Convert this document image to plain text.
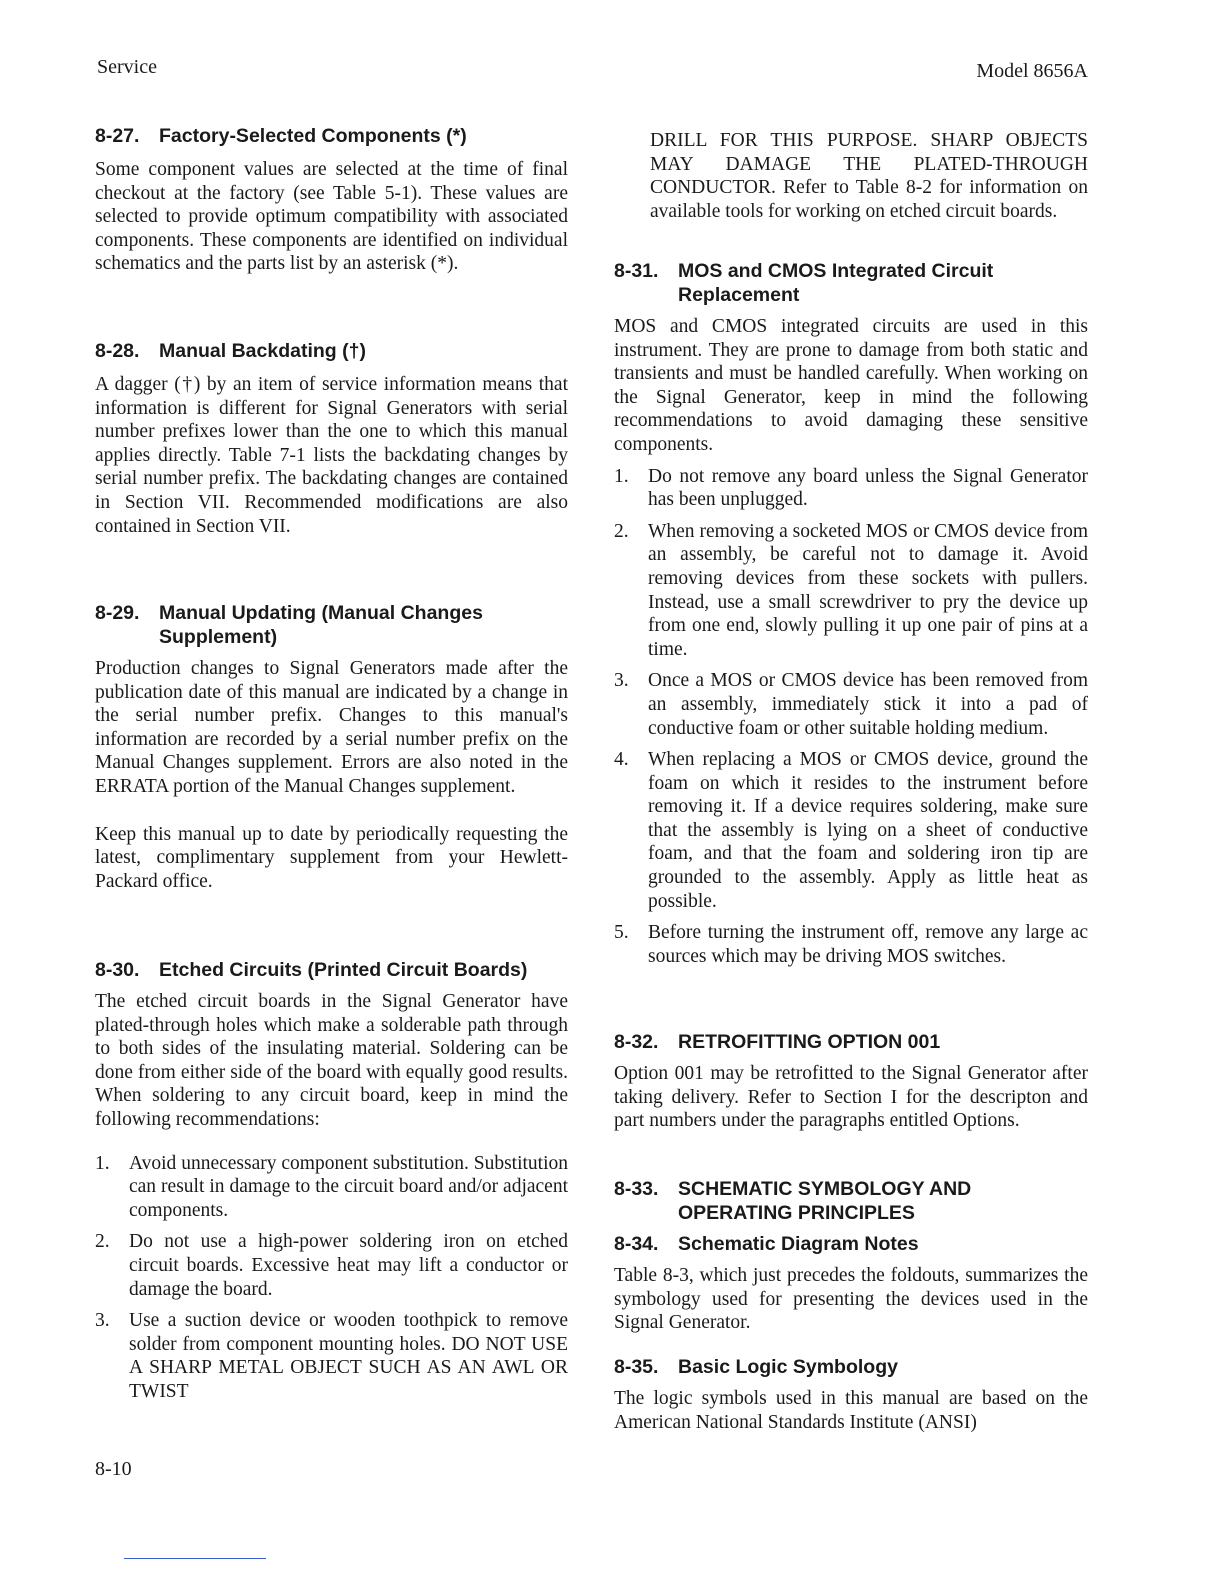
Service	Model 8656A
8-27.	Factory-Selected Components (*)

Some component values are selected at the time of final checkout at the factory (see Table 5-1). These values are selected to provide optimum compatibility with associated components. These components are identified on individual schematics and the parts list by an asterisk (*).

8-28.	Manual Backdating (†)

A dagger (†) by an item of service information means that information is different for Signal Generators with serial number prefixes lower than the one to which this manual applies directly. Table 7-1 lists the backdating changes by serial number prefix. The backdating changes are contained in Section VII. Recommended modifications are also contained in Section VII.

8-29.	Manual Updating (Manual Changes Supplement)

Production changes to Signal Generators made after the publication date of this manual are indicated by a change in the serial number prefix. Changes to this manual's information are recorded by a serial number prefix on the Manual Changes supplement. Errors are also noted in the ERRATA portion of the Manual Changes supplement.

Keep this manual up to date by periodically requesting the latest, complimentary supplement from your Hewlett-Packard office.

8-30.	Etched Circuits (Printed Circuit Boards)

The etched circuit boards in the Signal Generator have plated-through holes which make a solderable path through to both sides of the insulating material. Soldering can be done from either side of the board with equally good results. When soldering to any circuit board, keep in mind the following recommendations:

1. Avoid unnecessary component substitution. Substitution can result in damage to the circuit board and/or adjacent components.
2. Do not use a high-power soldering iron on etched circuit boards. Excessive heat may lift a conductor or damage the board.
3. Use a suction device or wooden toothpick to remove solder from component mounting holes. DO NOT USE A SHARP METAL OBJECT SUCH AS AN AWL OR TWIST

DRILL FOR THIS PURPOSE. SHARP OBJECTS MAY DAMAGE THE PLATED-THROUGH CONDUCTOR. Refer to Table 8-2 for information on available tools for working on etched circuit boards.

8-31.	MOS and CMOS Integrated Circuit Replacement

MOS and CMOS integrated circuits are used in this instrument. They are prone to damage from both static and transients and must be handled carefully. When working on the Signal Generator, keep in mind the following recommendations to avoid damaging these sensitive components.

1. Do not remove any board unless the Signal Generator has been unplugged.
2. When removing a socketed MOS or CMOS device from an assembly, be careful not to damage it. Avoid removing devices from these sockets with pullers. Instead, use a small screwdriver to pry the device up from one end, slowly pulling it up one pair of pins at a time.
3. Once a MOS or CMOS device has been removed from an assembly, immediately stick it into a pad of conductive foam or other suitable holding medium.
4. When replacing a MOS or CMOS device, ground the foam on which it resides to the instrument before removing it. If a device requires soldering, make sure that the assembly is lying on a sheet of conductive foam, and that the foam and soldering iron tip are grounded to the assembly. Apply as little heat as possible.
5. Before turning the instrument off, remove any large ac sources which may be driving MOS switches.
8-32.	RETROFITTING OPTION 001

Option 001 may be retrofitted to the Signal Generator after taking delivery. Refer to Section I for the descripton and part numbers under the paragraphs entitled Options.

8-33.	SCHEMATIC SYMBOLOGY AND OPERATING PRINCIPLES
8-34.	Schematic Diagram Notes

Table 8-3, which just precedes the foldouts, summarizes the symbology used for presenting the devices used in the Signal Generator.

8-35.	Basic Logic Symbology

The logic symbols used in this manual are based on the American National Standards Institute (ANSI)

8-10
